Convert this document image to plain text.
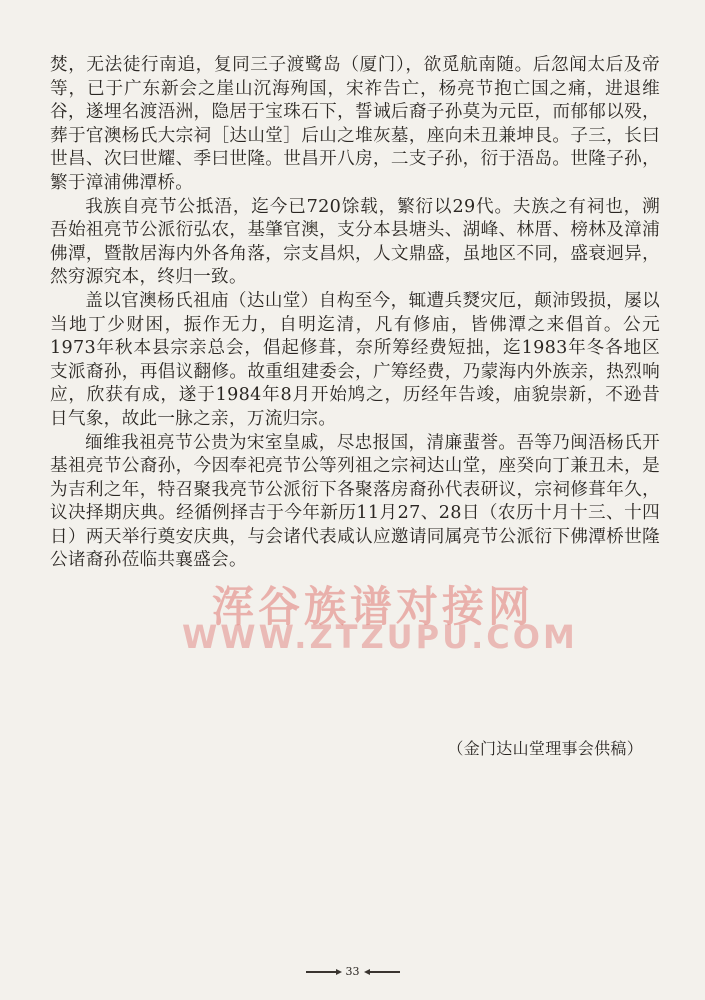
焚，无法徒行南追，复同三子渡鹭岛（厦门），欲觅航南随。后忽闻太后及帝等，已于广东新会之崖山沉海殉国，宋祚告亡，杨亮节抱亡国之痛，进退维谷，遂埋名渡浯洲，隐居于宝珠石下，誓诫后裔子孙莫为元臣，而郁郁以殁，葬于官澳杨氏大宗祠［达山堂］后山之堆灰墓，座向未丑兼坤艮。子三，长曰世昌、次曰世耀、季曰世隆。世昌开八房，二支子孙，衍于浯岛。世隆子孙，繁于漳浦佛潭桥。

我族自亮节公抵浯，迄今已720馀载，繁衍以29代。夫族之有祠也，溯吾始祖亮节公派衍弘农，基肇官澳，支分本县塘头、湖峰、林厝、榜林及漳浦佛潭，暨散居海内外各角落，宗支昌炽，人文鼎盛，虽地区不同，盛衰迥异，然穷源究本，终归一致。

盖以官澳杨氏祖庙（达山堂）自构至今，辄遭兵燹灾厄，颠沛毁损，屡以当地丁少财困，振作无力，自明迄清，凡有修庙，皆佛潭之来倡首。公元1973年秋本县宗亲总会，倡起修葺，奈所筹经费短拙，迄1983年冬各地区支派裔孙，再倡议翻修。故重组建委会，广筹经费，乃蒙海内外族亲，热烈响应，欣获有成，遂于1984年8月开始鸠之，历经年告竣，庙貌崇新，不逊昔日气象，故此一脉之亲，万流归宗。

缅维我祖亮节公贵为宋室皇戚，尽忠报国，清廉蜚誉。吾等乃闽浯杨氏开基祖亮节公裔孙，今因奉祀亮节公等列祖之宗祠达山堂，座癸向丁兼丑未，是为吉利之年，特召聚我亮节公派衍下各聚落房裔孙代表研议，宗祠修葺年久，议决择期庆典。经循例择吉于今年新历11月27、28日（农历十月十三、十四日）两天举行奠安庆典，与会诸代表咸认应邀请同属亮节公派衍下佛潭桥世隆公诸裔孙莅临共襄盛会。

（金门达山堂理事会供稿）
浑谷族谱对接网
WWW.ZTZUPU.COM
33
